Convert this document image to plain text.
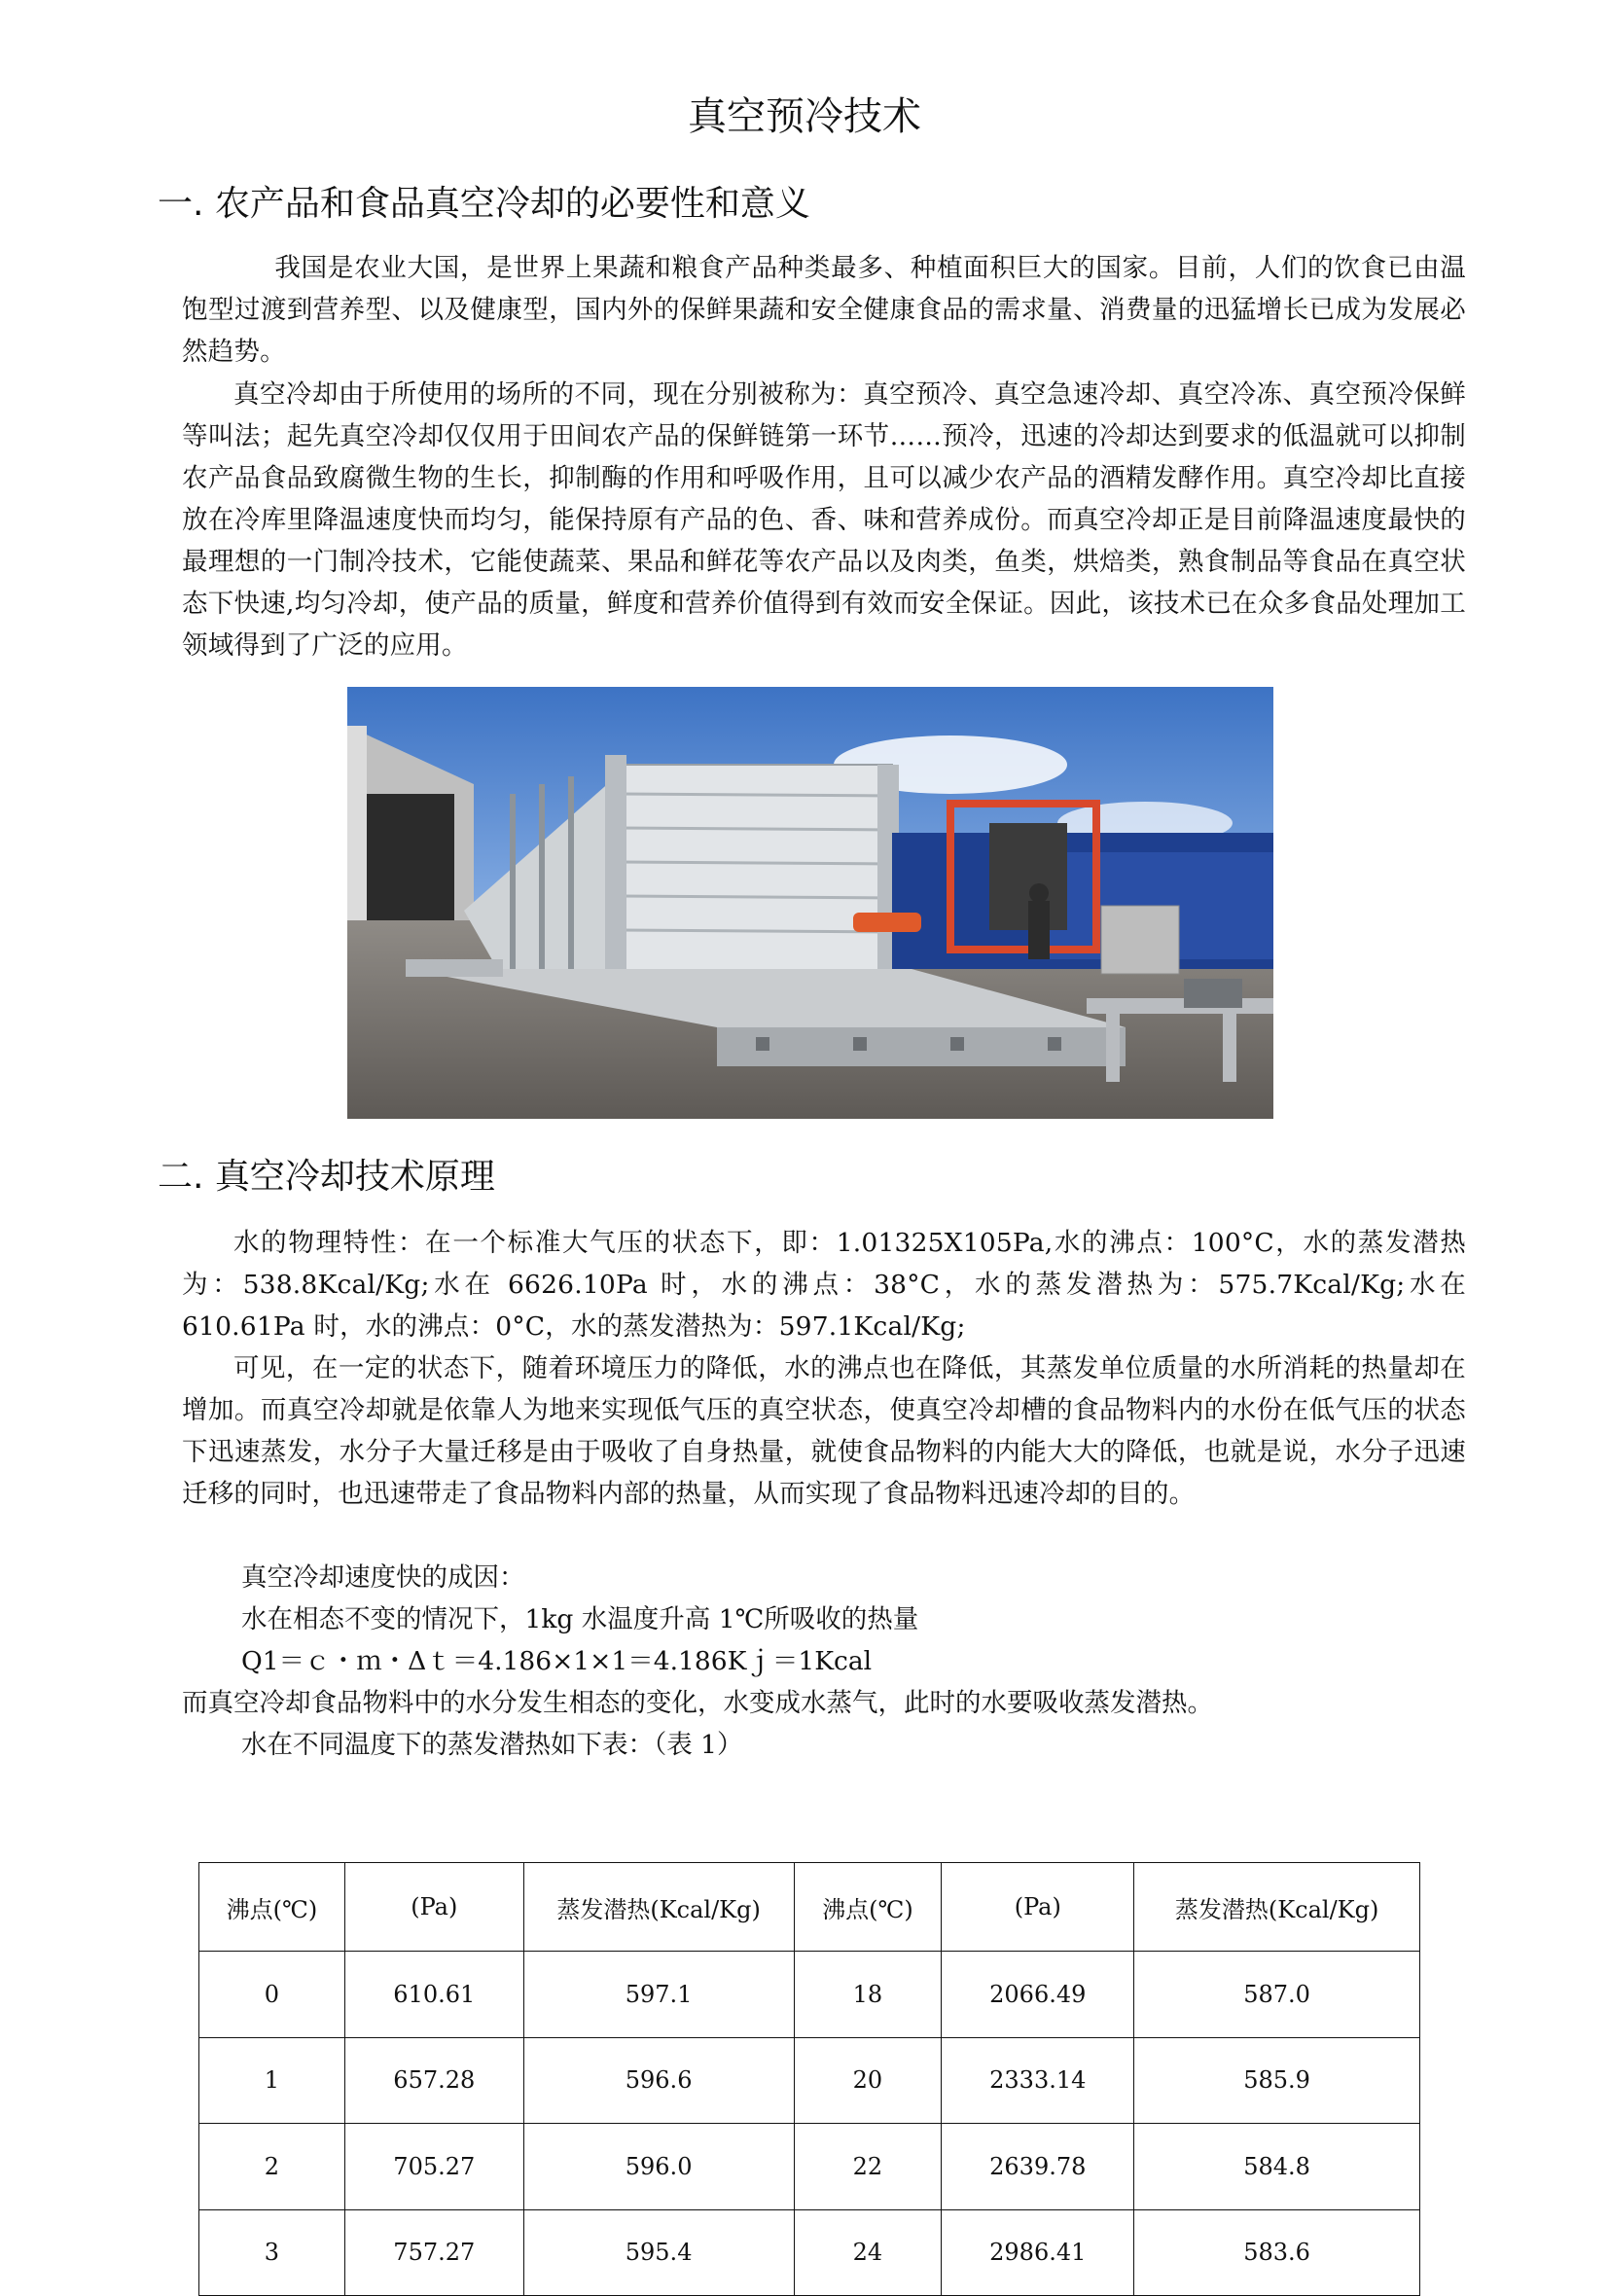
真空预冷技术
一. 农产品和食品真空冷却的必要性和意义
我国是农业大国，是世界上果蔬和粮食产品种类最多、种植面积巨大的国家。目前，人们的饮食已由温饱型过渡到营养型、以及健康型，国内外的保鲜果蔬和安全健康食品的需求量、消费量的迅猛增长已成为发展必然趋势。
真空冷却由于所使用的场所的不同，现在分别被称为：真空预冷、真空急速冷却、真空冷冻、真空预冷保鲜等叫法；起先真空冷却仅仅用于田间农产品的保鲜链第一环节……预冷，迅速的冷却达到要求的低温就可以抑制农产品食品致腐微生物的生长，抑制酶的作用和呼吸作用，且可以减少农产品的酒精发酵作用。真空冷却比直接放在冷库里降温速度快而均匀，能保持原有产品的色、香、味和营养成份。而真空冷却正是目前降温速度最快的最理想的一门制冷技术，它能使蔬菜、果品和鲜花等农产品以及肉类，鱼类，烘焙类，熟食制品等食品在真空状态下快速,均匀冷却，使产品的质量，鲜度和营养价值得到有效而安全保证。因此，该技术已在众多食品处理加工领域得到了广泛的应用。
二. 真空冷却技术原理
水的物理特性：在一个标准大气压的状态下，即：1.01325X105Pa,水的沸点：100°C，水的蒸发潜热为：538.8Kcal/Kg;水在 6626.10Pa 时，水的沸点：38°C，水的蒸发潜热为：575.7Kcal/Kg;水在 610.61Pa 时，水的沸点：0°C，水的蒸发潜热为：597.1Kcal/Kg;
可见，在一定的状态下，随着环境压力的降低，水的沸点也在降低，其蒸发单位质量的水所消耗的热量却在增加。而真空冷却就是依靠人为地来实现低气压的真空状态，使真空冷却槽的食品物料内的水份在低气压的状态下迅速蒸发，水分子大量迁移是由于吸收了自身热量，就使食品物料的内能大大的降低，也就是说，水分子迅速迁移的同时，也迅速带走了食品物料内部的热量，从而实现了食品物料迅速冷却的目的。
真空冷却速度快的成因：
水在相态不变的情况下，1kg 水温度升高 1℃所吸收的热量
Q1＝ｃ・ｍ・Δｔ＝4.186×1×1＝4.186Kｊ＝1Kcal
而真空冷却食品物料中的水分发生相态的变化，水变成水蒸气，此时的水要吸收蒸发潜热。
水在不同温度下的蒸发潜热如下表：（表 1）
沸点(℃)	(Pa)	蒸发潜热(Kcal/Kg)	沸点(℃)	(Pa)	蒸发潜热(Kcal/Kg)
0	610.61	597.1	18	2066.49	587.0
1	657.28	596.6	20	2333.14	585.9
2	705.27	596.0	22	2639.78	584.8
3	757.27	595.4	24	2986.41	583.6
